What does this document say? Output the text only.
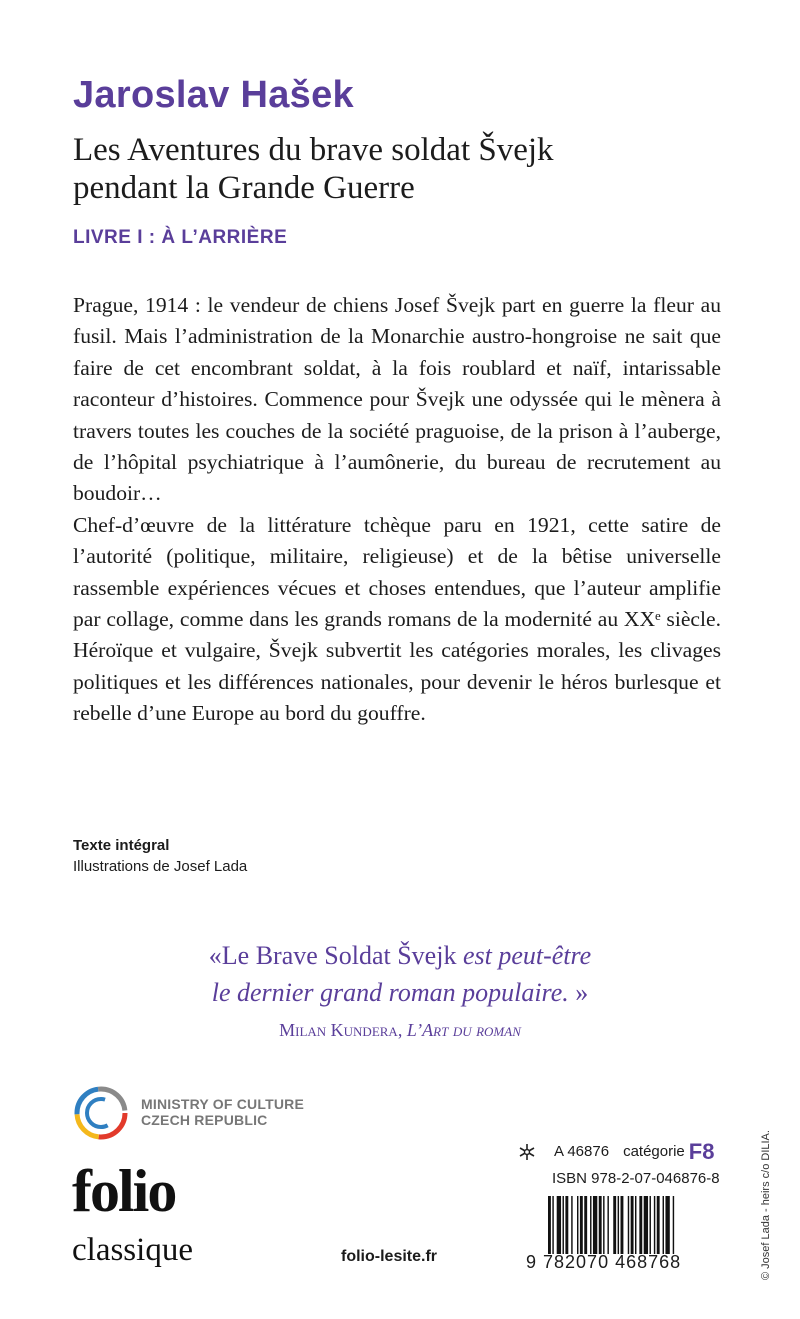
Jaroslav Hašek
Les Aventures du brave soldat Švejk
pendant la Grande Guerre
LIVRE I : À L’ARRIÈRE

Prague, 1914 : le vendeur de chiens Josef Švejk part en guerre la fleur au fusil. Mais l’administration de la Monarchie austro-hongroise ne sait que faire de cet encombrant soldat, à la fois roublard et naïf, intarissable raconteur d’histoires. Commence pour Švejk une odyssée qui le mènera à travers toutes les couches de la société praguoise, de la prison à l’auberge, de l’hôpital psychiatrique à l’aumônerie, du bureau de recrutement au boudoir…

Chef-d’œuvre de la littérature tchèque paru en 1921, cette satire de l’autorité (politique, militaire, religieuse) et de la bêtise universelle rassemble expériences vécues et choses entendues, que l’auteur amplifie par collage, comme dans les grands romans de la modernité au XXᵉ siècle. Héroïque et vulgaire, Švejk subvertit les catégories morales, les clivages politiques et les différences nationales, pour devenir le héros burlesque et rebelle d’une Europe au bord du gouffre.

Texte intégral
Illustrations de Josef Lada
«Le Brave Soldat Švejk est peut-être
le dernier grand roman populaire. »
Milan Kundera, L’Art du roman
MINISTRY OF CULTURE
CZECH REPUBLIC
A 46876 catégorie F8
ISBN 978-2-07-046876-8
9 782070 468768
folio
classique	folio-lesite.fr	© Josef Lada - heirs c/o DILIA.
